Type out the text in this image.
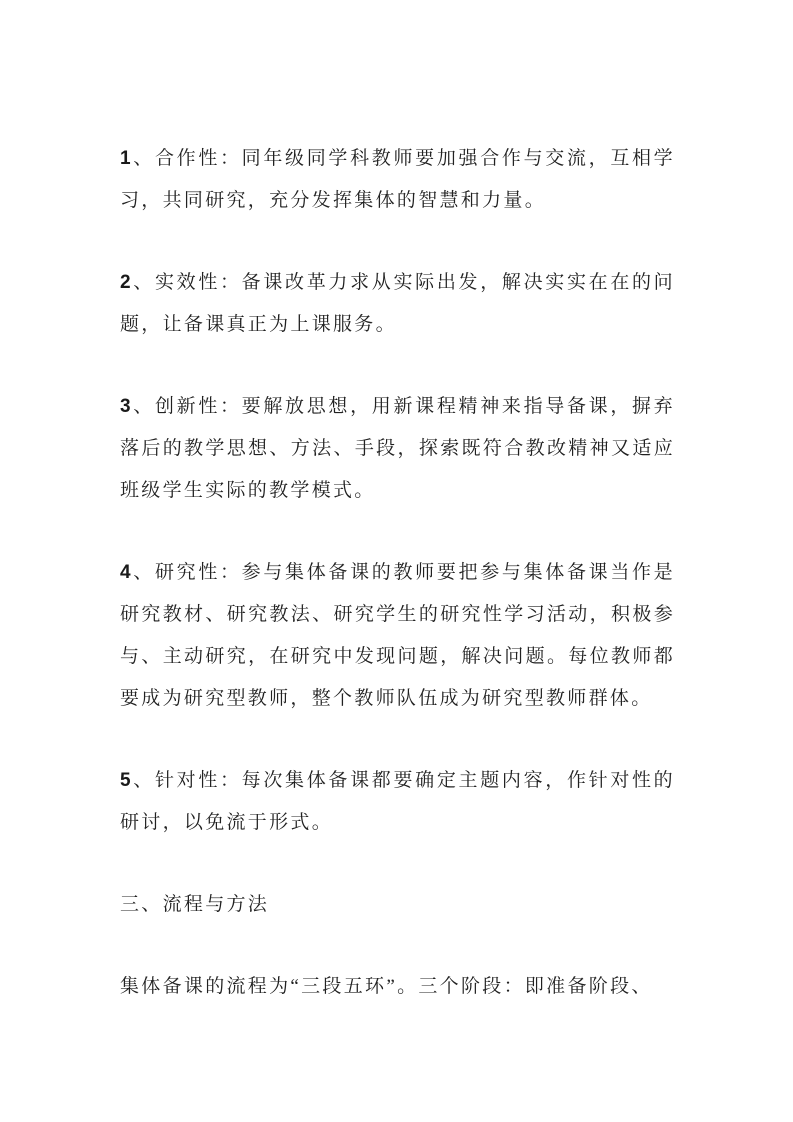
1、合作性：同年级同学科教师要加强合作与交流，互相学习，共同研究，充分发挥集体的智慧和力量。

2、实效性：备课改革力求从实际出发，解决实实在在的问题，让备课真正为上课服务。

3、创新性：要解放思想，用新课程精神来指导备课，摒弃落后的教学思想、方法、手段，探索既符合教改精神又适应班级学生实际的教学模式。

4、研究性：参与集体备课的教师要把参与集体备课当作是研究教材、研究教法、研究学生的研究性学习活动，积极参与、主动研究，在研究中发现问题，解决问题。每位教师都要成为研究型教师，整个教师队伍成为研究型教师群体。

5、针对性：每次集体备课都要确定主题内容，作针对性的研讨，以免流于形式。

三、流程与方法

集体备课的流程为“三段五环”。三个阶段：即准备阶段、
